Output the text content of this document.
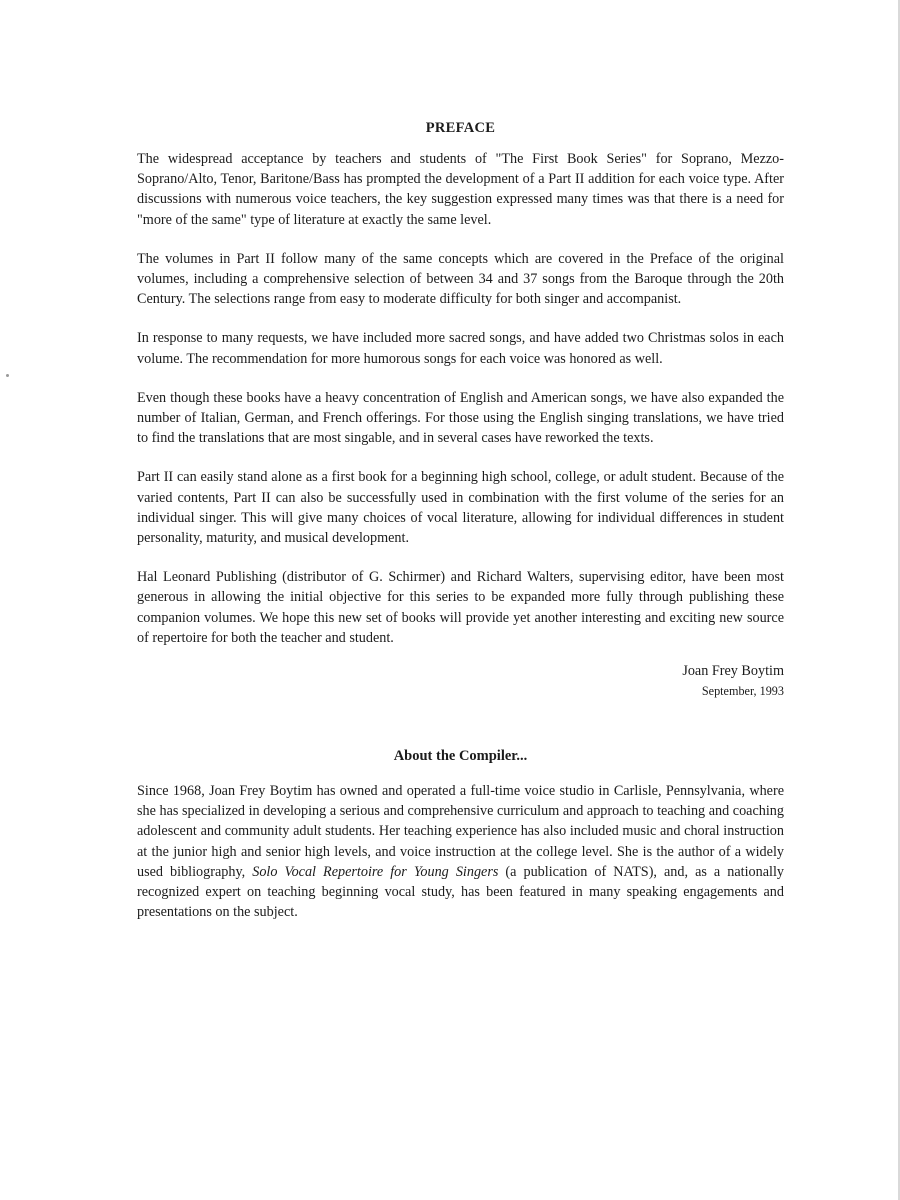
PREFACE

The widespread acceptance by teachers and students of "The First Book Series" for Soprano, Mezzo-Soprano/Alto, Tenor, Baritone/Bass has prompted the development of a Part II addition for each voice type. After discussions with numerous voice teachers, the key suggestion expressed many times was that there is a need for "more of the same" type of literature at exactly the same level.

The volumes in Part II follow many of the same concepts which are covered in the Preface of the original volumes, including a comprehensive selection of between 34 and 37 songs from the Baroque through the 20th Century. The selections range from easy to moderate difficulty for both singer and accompanist.

In response to many requests, we have included more sacred songs, and have added two Christmas solos in each volume. The recommendation for more humorous songs for each voice was honored as well.

Even though these books have a heavy concentration of English and American songs, we have also expanded the number of Italian, German, and French offerings. For those using the English singing translations, we have tried to find the translations that are most singable, and in several cases have reworked the texts.

Part II can easily stand alone as a first book for a beginning high school, college, or adult student. Because of the varied contents, Part II can also be successfully used in combination with the first volume of the series for an individual singer. This will give many choices of vocal literature, allowing for individual differences in student personality, maturity, and musical development.

Hal Leonard Publishing (distributor of G. Schirmer) and Richard Walters, supervising editor, have been most generous in allowing the initial objective for this series to be expanded more fully through publishing these companion volumes. We hope this new set of books will provide yet another interesting and exciting new source of repertoire for both the teacher and student.

Joan Frey Boytim
September, 1993
About the Compiler...

Since 1968, Joan Frey Boytim has owned and operated a full-time voice studio in Carlisle, Pennsylvania, where she has specialized in developing a serious and comprehensive curriculum and approach to teaching and coaching adolescent and community adult students. Her teaching experience has also included music and choral instruction at the junior high and senior high levels, and voice instruction at the college level. She is the author of a widely used bibliography, Solo Vocal Repertoire for Young Singers (a publication of NATS), and, as a nationally recognized expert on teaching beginning vocal study, has been featured in many speaking engagements and presentations on the subject.
